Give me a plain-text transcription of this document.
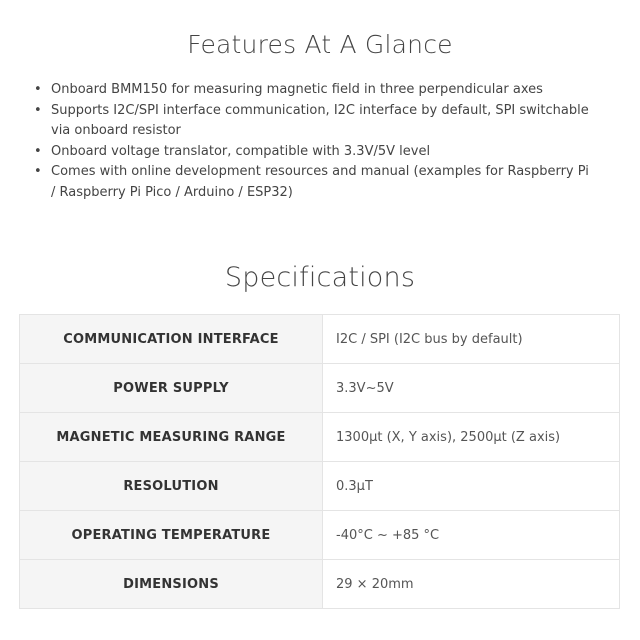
Features At A Glance
• Onboard BMM150 for measuring magnetic field in three perpendicular axes
• Supports I2C/SPI interface communication, I2C interface by default, SPI switchable via onboard resistor
• Onboard voltage translator, compatible with 3.3V/5V level
• Comes with online development resources and manual (examples for Raspberry Pi / Raspberry Pi Pico / Arduino / ESP32)
Specifications
COMMUNICATION INTERFACE	I2C / SPI (I2C bus by default)
POWER SUPPLY	3.3V~5V
MAGNETIC MEASURING RANGE	1300μt (X, Y axis), 2500μt (Z axis)
RESOLUTION	0.3μT
OPERATING TEMPERATURE	-40°C ~ +85 °C
DIMENSIONS	29 × 20mm
